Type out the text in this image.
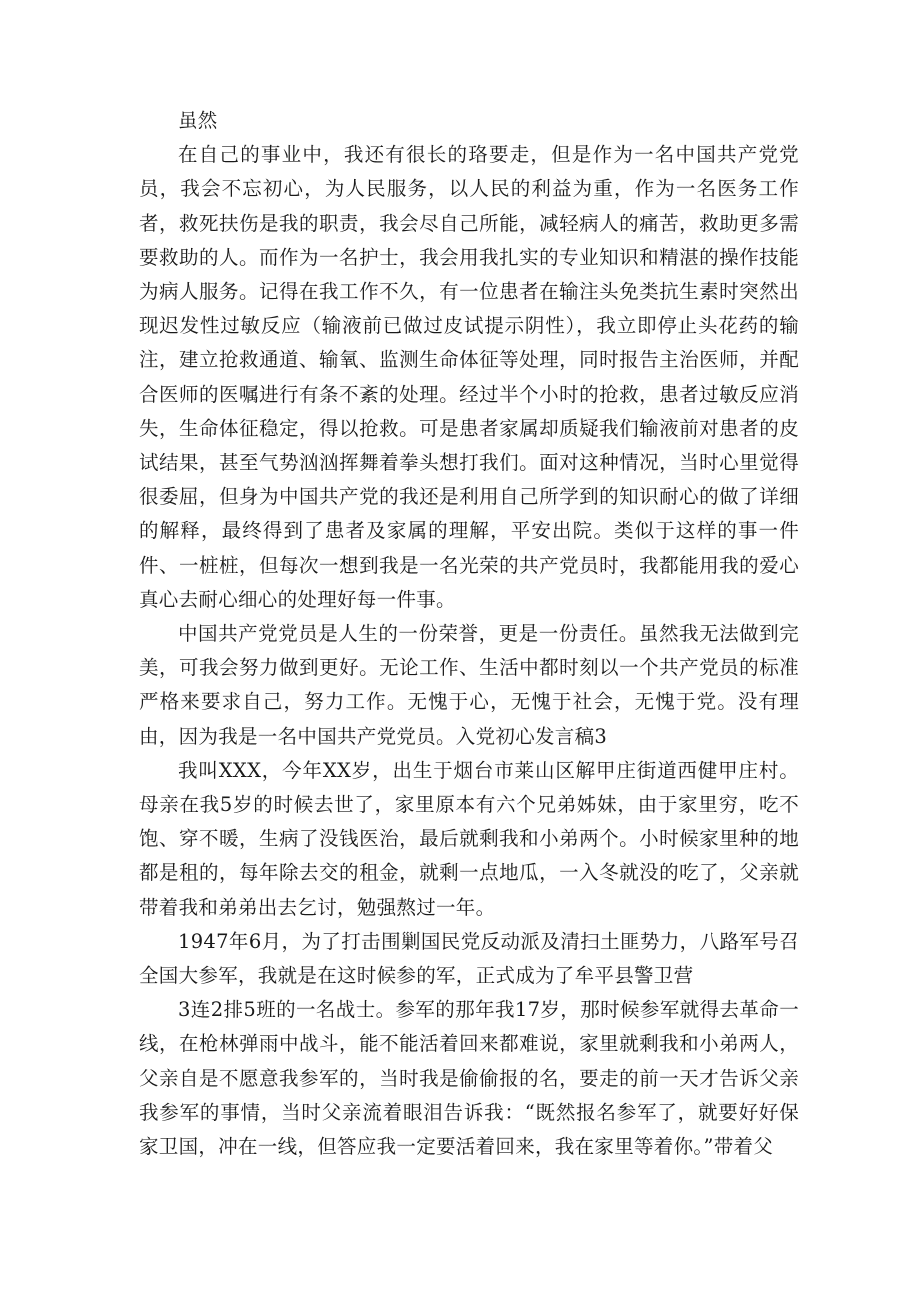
虽然

在自己的事业中，我还有很长的珞要走，但是作为一名中国共产党党员，我会不忘初心，为人民服务，以人民的利益为重，作为一名医务工作者，救死扶伤是我的职责，我会尽自己所能，减轻病人的痛苦，救助更多需要救助的人。而作为一名护士，我会用我扎实的专业知识和精湛的操作技能为病人服务。记得在我工作不久，有一位患者在输注头免类抗生素时突然出现迟发性过敏反应（输液前已做过皮试提示阴性），我立即停止头花药的输注，建立抢救通道、输氧、监测生命体征等处理，同时报告主治医师，并配合医师的医嘱进行有条不紊的处理。经过半个小时的抢救，患者过敏反应消失，生命体征稳定，得以抢救。可是患者家属却质疑我们输液前对患者的皮试结果，甚至气势汹汹挥舞着拳头想打我们。面对这种情况，当时心里觉得很委屈，但身为中国共产党的我还是利用自己所学到的知识耐心的做了详细的解释，最终得到了患者及家属的理解，平安出院。类似于这样的事一件件、一桩桩，但每次一想到我是一名光荣的共产党员时，我都能用我的爱心真心去耐心细心的处理好每一件事。

中国共产党党员是人生的一份荣誉，更是一份责任。虽然我无法做到完美，可我会努力做到更好。无论工作、生活中都时刻以一个共产党员的标准严格来要求自己，努力工作。无愧于心，无愧于社会，无愧于党。没有理由，因为我是一名中国共产党党员。入党初心发言稿3

我叫XXX，今年XX岁，出生于烟台市莱山区解甲庄街道西健甲庄村。母亲在我5岁的时候去世了，家里原本有六个兄弟姊妹，由于家里穷，吃不饱、穿不暖，生病了没钱医治，最后就剩我和小弟两个。小时候家里种的地都是租的，每年除去交的租金，就剩一点地瓜，一入冬就没的吃了，父亲就带着我和弟弟出去乞讨，勉强熬过一年。

1947年6月，为了打击围剿国民党反动派及清扫土匪势力，八路军号召全国大参军，我就是在这时候参的军，正式成为了牟平县警卫营

3连2排5班的一名战士。参军的那年我17岁，那时候参军就得去革命一线，在枪林弹雨中战斗，能不能活着回来都难说，家里就剩我和小弟两人，父亲自是不愿意我参军的，当时我是偷偷报的名，要走的前一天才告诉父亲我参军的事情，当时父亲流着眼泪告诉我：“既然报名参军了，就要好好保家卫国，冲在一线，但答应我一定要活着回来，我在家里等着你。”带着父
